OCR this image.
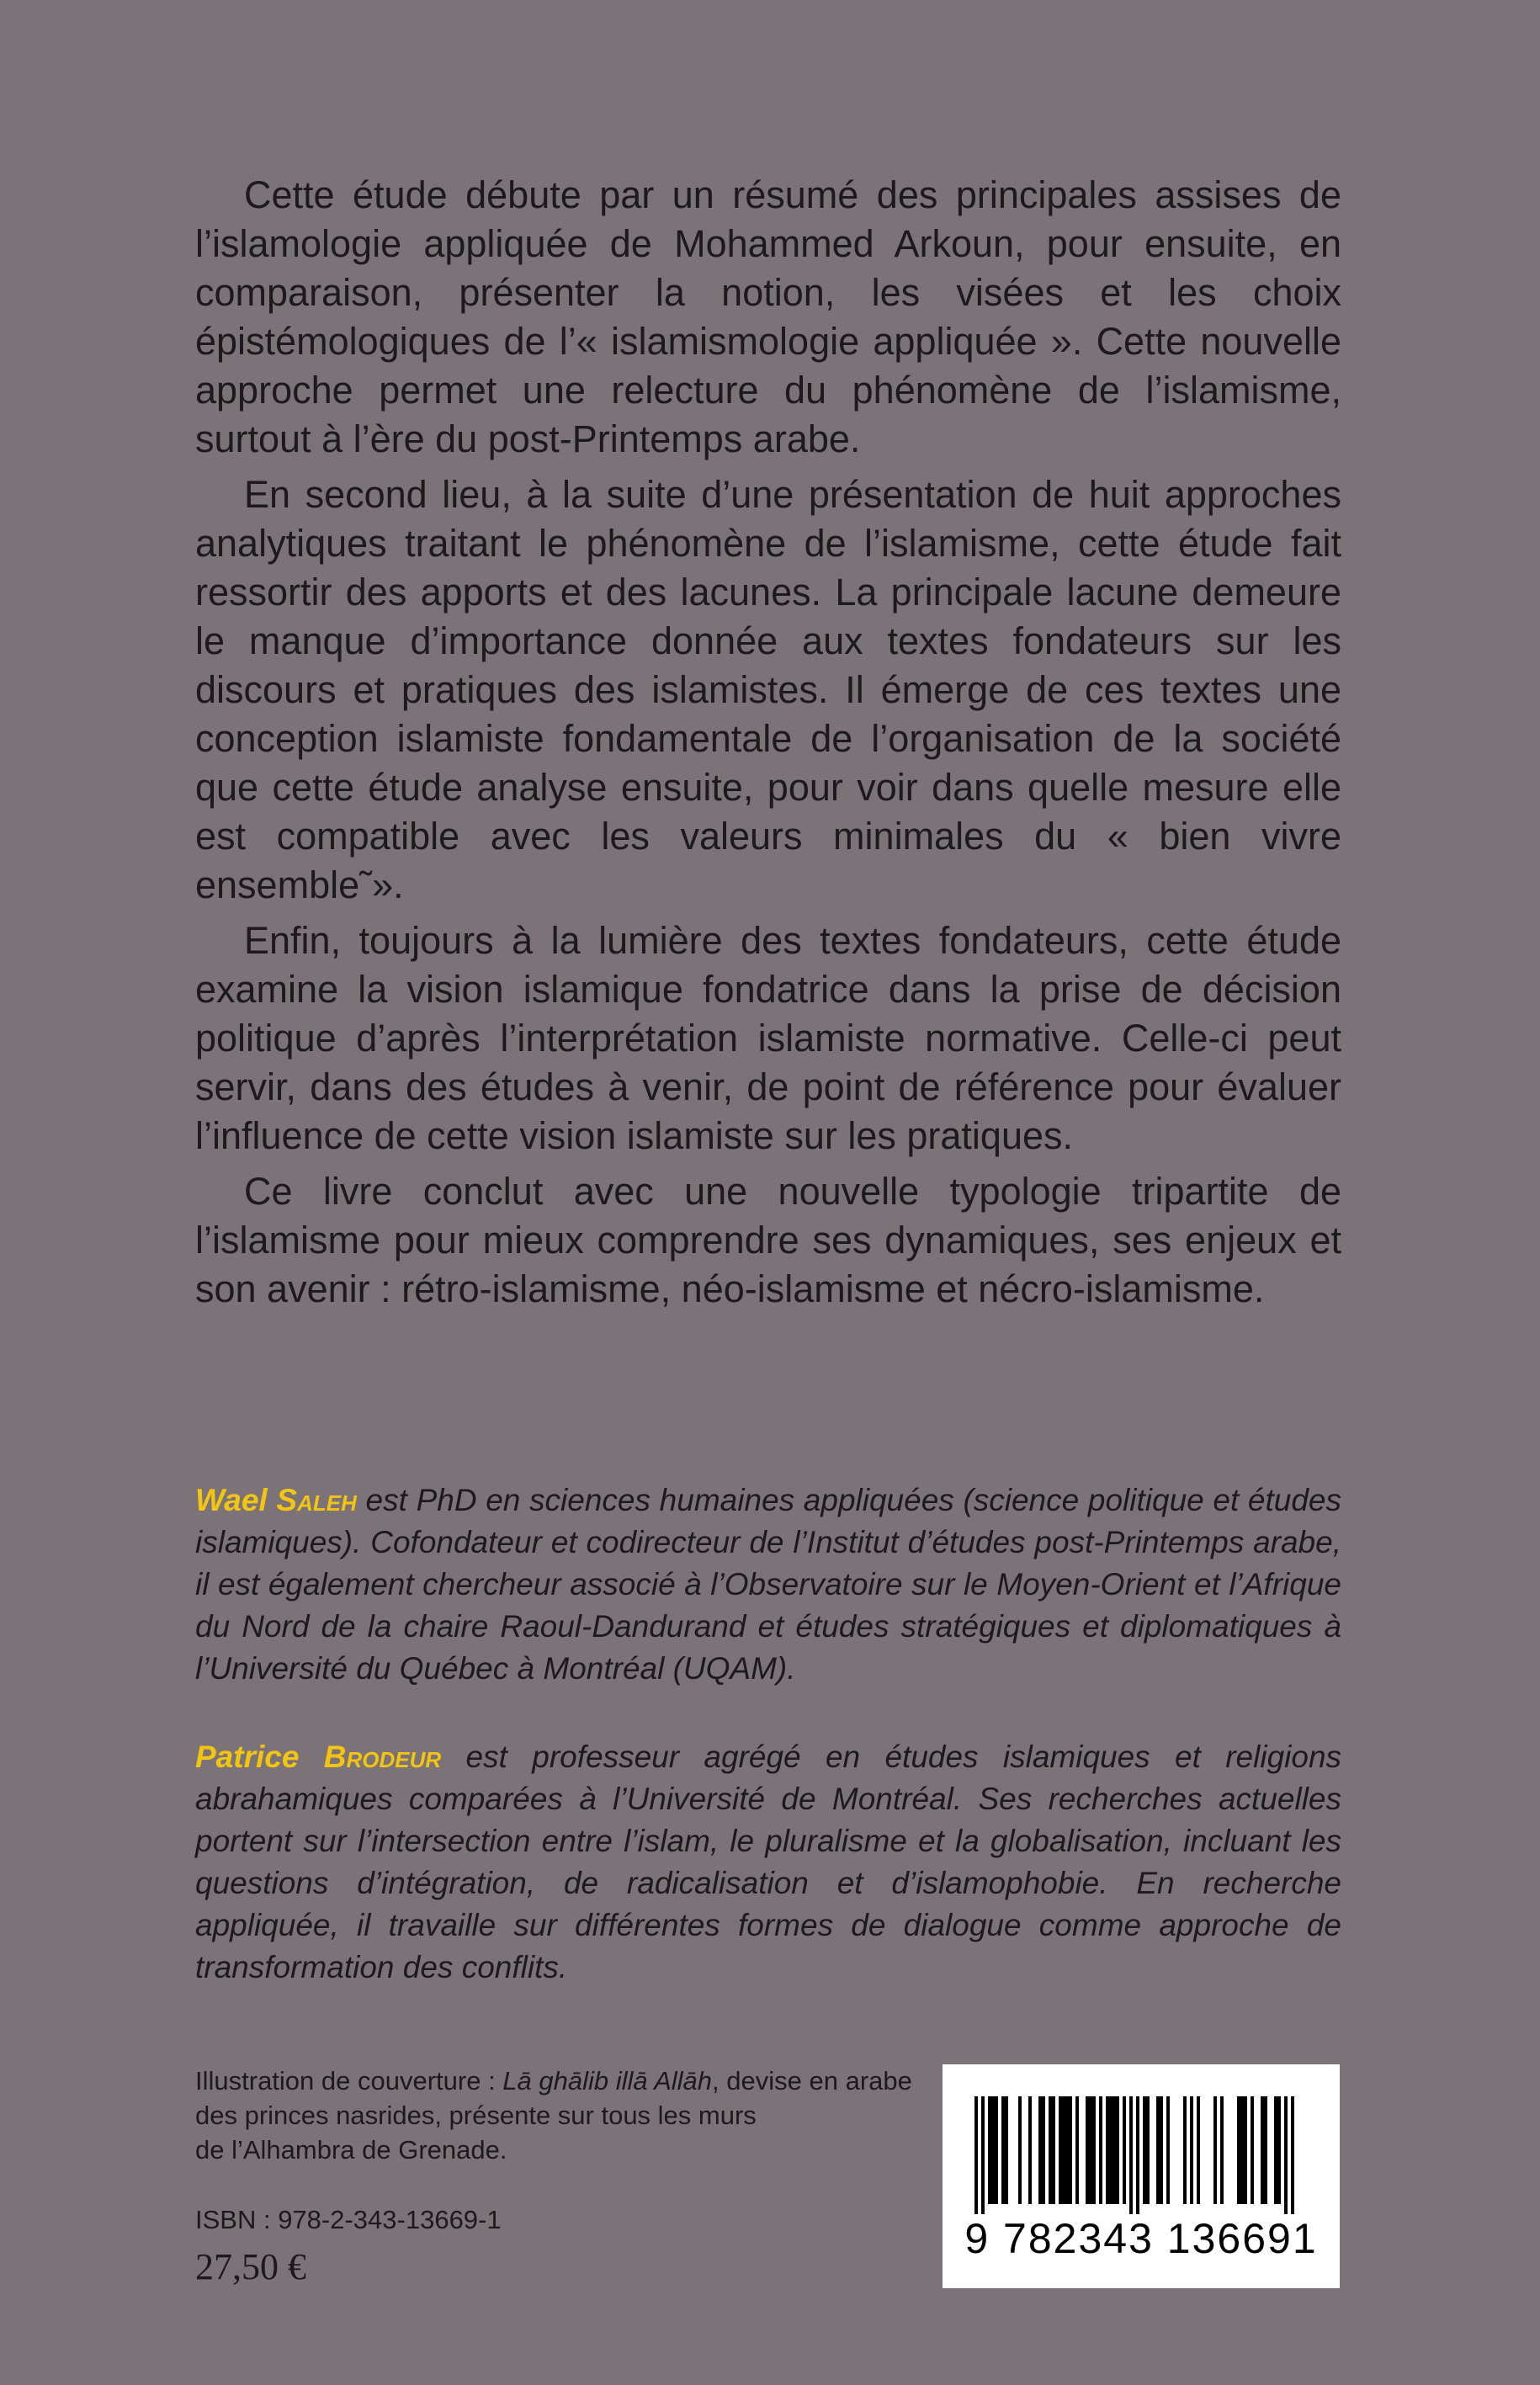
Cette étude débute par un résumé des principales assises de l’islamologie appliquée de Mohammed Arkoun, pour ensuite, en comparaison, présenter la notion, les visées et les choix épistémologiques de l’« islamismologie appliquée ». Cette nouvelle approche permet une relecture du phénomène de l’islamisme, surtout à l’ère du post-Printemps arabe.

En second lieu, à la suite d’une présentation de huit approches analytiques traitant le phénomène de l’islamisme, cette étude fait ressortir des apports et des lacunes. La principale lacune demeure le manque d’importance donnée aux textes fondateurs sur les discours et pratiques des islamistes. Il émerge de ces textes une conception islamiste fondamentale de l’organisation de la société que cette étude analyse ensuite, pour voir dans quelle mesure elle est compatible avec les valeurs minimales du « bien vivre ensemble˜».

Enfin, toujours à la lumière des textes fondateurs, cette étude examine la vision islamique fondatrice dans la prise de décision politique d’après l’interprétation islamiste normative. Celle-ci peut servir, dans des études à venir, de point de référence pour évaluer l’influence de cette vision islamiste sur les pratiques.

Ce livre conclut avec une nouvelle typologie tripartite de l’islamisme pour mieux comprendre ses dynamiques, ses enjeux et son avenir : rétro-islamisme, néo-islamisme et nécro-islamisme.

Wael Saleh est PhD en sciences humaines appliquées (science politique et études islamiques). Cofondateur et codirecteur de l’Institut d’études post-Printemps arabe, il est également chercheur associé à l’Observatoire sur le Moyen-Orient et l’Afrique du Nord de la chaire Raoul-Dandurand et études stratégiques et diplomatiques à l’Université du Québec à Montréal (UQAM).
Patrice Brodeur est professeur agrégé en études islamiques et religions abrahamiques comparées à l’Université de Montréal. Ses recherches actuelles portent sur l’intersection entre l’islam, le pluralisme et la globalisation, incluant les questions d’intégration, de radicalisation et d’islamophobie. En recherche appliquée, il travaille sur différentes formes de dialogue comme approche de transformation des conflits.
Illustration de couverture : Lā ghālib illā Allāh, devise en arabe
des princes nasrides, présente sur tous les murs
de l’Alhambra de Grenade.
ISBN : 978-2-343-13669-1
27,50 €
9 782343 136691
